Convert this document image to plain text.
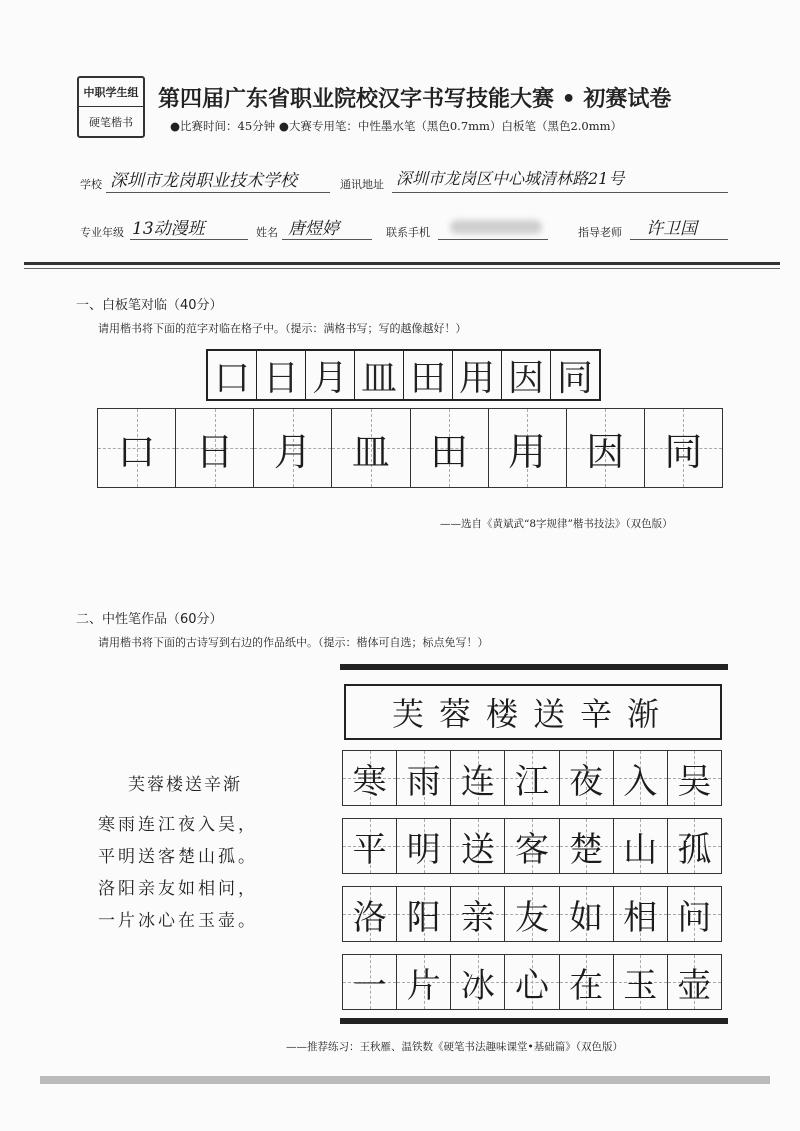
中职学生组
硬笔楷书
第四届广东省职业院校汉字书写技能大赛 • 初赛试卷
●比赛时间：45分钟 ●大赛专用笔：中性墨水笔（黑色0.7mm）白板笔（黑色2.0mm）
学校 深圳市龙岗职业技术学校	通讯地址 深圳市龙岗区中心城清林路21号
专业年级 13动漫班	姓名 唐煜婷	联系手机	指导老师 许卫国
一、白板笔对临（40分）
请用楷书将下面的范字对临在格子中。（提示：满格书写；写的越像越好！）
口 日 月 皿 田 用 因 同
口 日 月 皿 田 用 因 同
——选自《黄斌武“8字规律”楷书技法》（双色版）
二、中性笔作品（60分）
请用楷书将下面的古诗写到右边的作品纸中。（提示：楷体可自选；标点免写！）
芙蓉楼送辛渐
寒雨连江夜入吴，
平明送客楚山孤。
洛阳亲友如相问，
一片冰心在玉壶。
芙蓉楼送辛渐
寒 雨 连 江 夜 入 吴
平 明 送 客 楚 山 孤
洛 阳 亲 友 如 相 问
一 片 冰 心 在 玉 壶
——推荐练习：王秋雁、温铁数《硬笔书法趣味课堂•基础篇》（双色版）
